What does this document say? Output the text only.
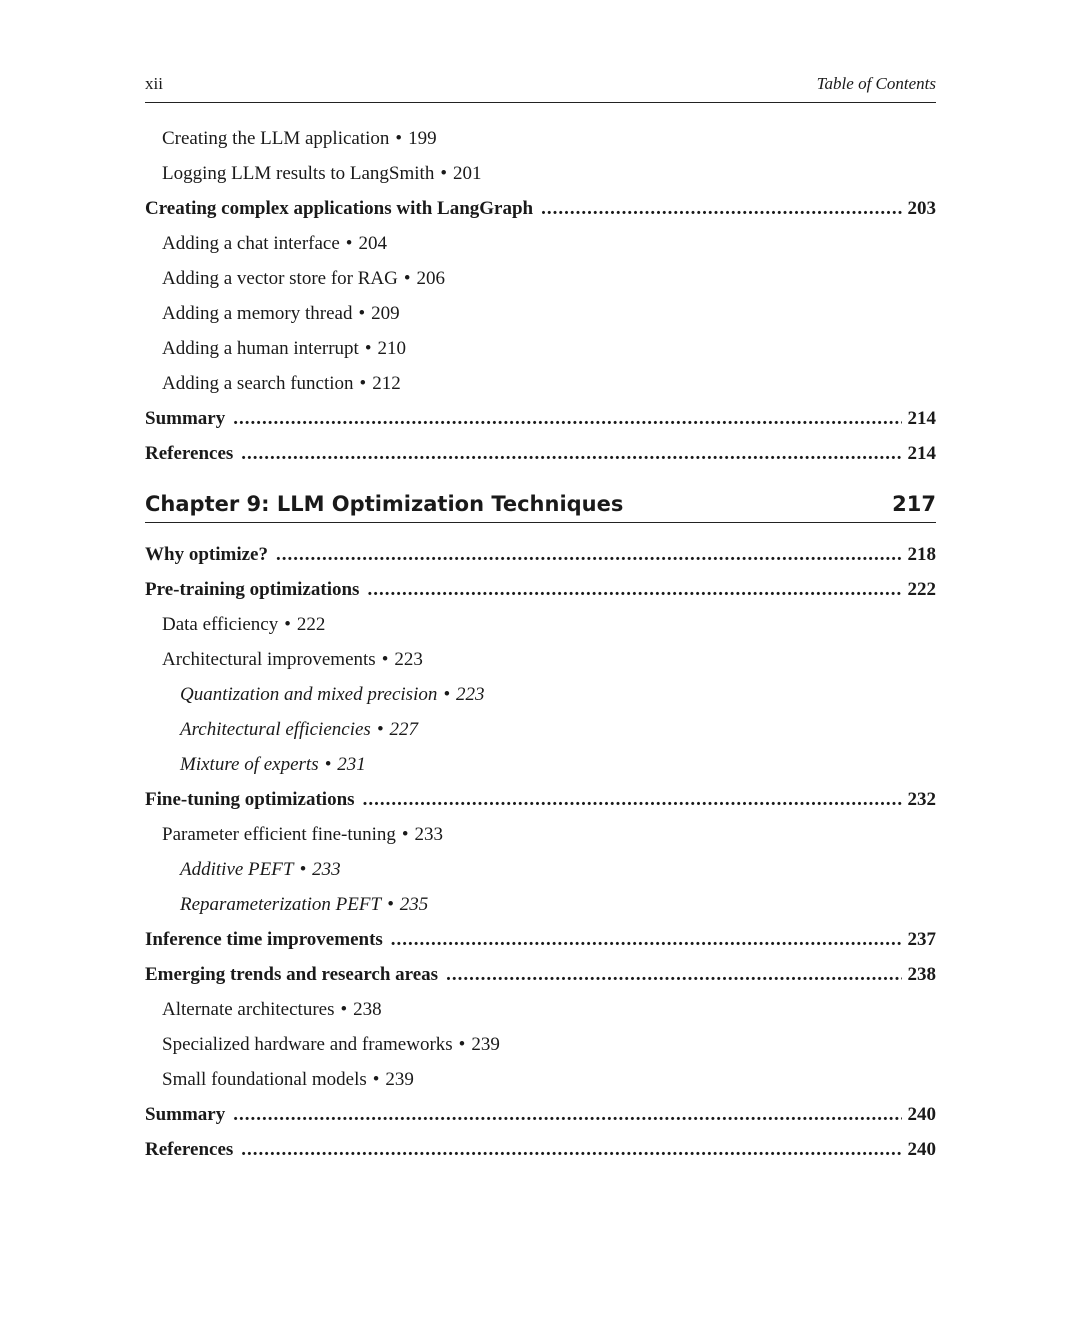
xii	Table of Contents
Creating the LLM application • 199
Logging LLM results to LangSmith • 201
Creating complex applications with LangGraph .....	203
Adding a chat interface • 204
Adding a vector store for RAG • 206
Adding a memory thread • 209
Adding a human interrupt • 210
Adding a search function • 212
Summary .....	214
References .....	214
Chapter 9: LLM Optimization Techniques	217
Why optimize? .....	218
Pre-training optimizations .....	222
Data efficiency • 222
Architectural improvements • 223
Quantization and mixed precision • 223
Architectural efficiencies • 227
Mixture of experts • 231
Fine-tuning optimizations .....	232
Parameter efficient fine-tuning • 233
Additive PEFT • 233
Reparameterization PEFT • 235
Inference time improvements .....	237
Emerging trends and research areas .....	238
Alternate architectures • 238
Specialized hardware and frameworks • 239
Small foundational models • 239
Summary .....	240
References .....	240
